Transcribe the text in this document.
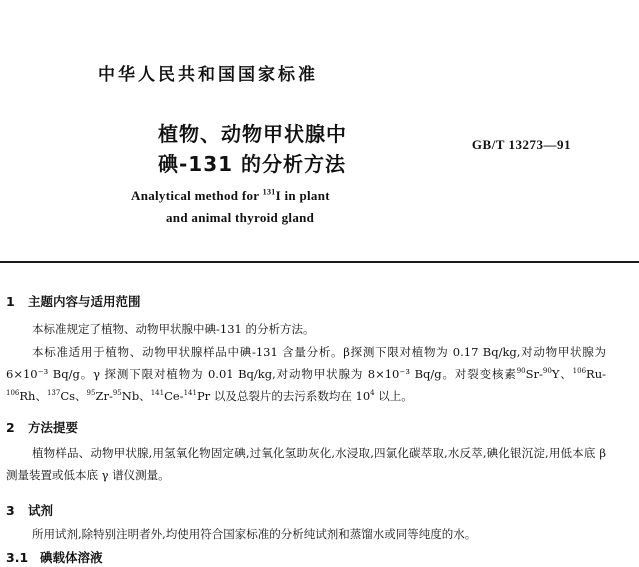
中华人民共和国国家标准
植物、动物甲状腺中
碘-131 的分析方法
GB/T 13273—91
Analytical method for $^{131}$I in plant
and animal thyroid gland
1 主题内容与适用范围
本标准规定了植物、动物甲状腺中碘-131 的分析方法。
本标准适用于植物、动物甲状腺样品中碘-131 含量分析。β探测下限对植物为 0.17 Bq/kg,对动物甲状腺为 6×10⁻³ Bq/g。γ 探测下限对植物为 0.01 Bq/kg,对动物甲状腺为 8×10⁻³ Bq/g。对裂变核素$^{90}$Sr-$^{90}$Y、$^{106}$Ru-$^{106}$Rh、$^{137}$Cs、$^{95}$Zr-$^{95}$Nb、$^{141}$Ce-$^{141}$Pr 以及总裂片的去污系数均在 $10^4$ 以上。
2 方法提要
植物样品、动物甲状腺,用氢氧化物固定碘,过氧化氢助灰化,水浸取,四氯化碳萃取,水反萃,碘化银沉淀,用低本底 β 测量装置或低本底 γ 谱仪测量。
3 试剂
所用试剂,除特别注明者外,均使用符合国家标准的分析纯试剂和蒸馏水或同等纯度的水。
3.1 碘载体溶液
